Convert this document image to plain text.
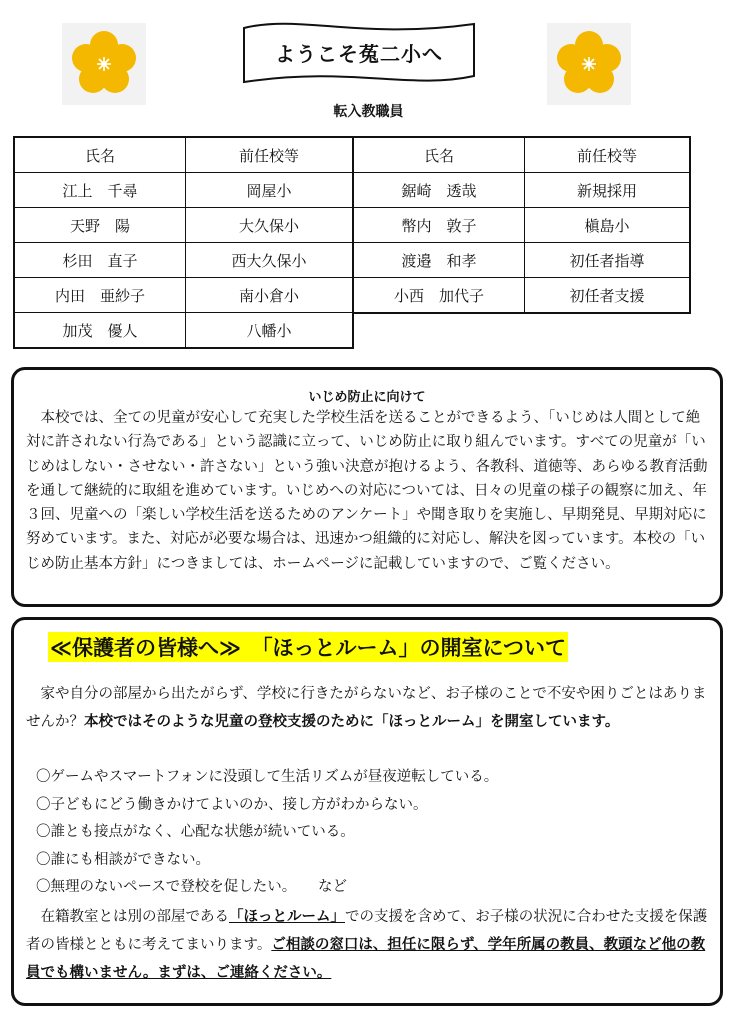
ようこそ菟二小へ
転入教職員
氏名	前任校等
江上　千尋	岡屋小
天野　陽	大久保小
杉田　直子	西大久保小
内田　亜紗子	南小倉小
加茂　優人	八幡小
氏名	前任校等
鋸崎　透哉	新規採用
幣内　敦子	槇島小
渡邉　和孝	初任者指導
小西　加代子	初任者支援
いじめ防止に向けて

本校では、全ての児童が安心して充実した学校生活を送ることができるよう、「いじめは人間として絶対に許されない行為である」という認識に立って、いじめ防止に取り組んでいます。すべての児童が「いじめはしない・させない・許さない」という強い決意が抱けるよう、各教科、道徳等、あらゆる教育活動を通して継続的に取組を進めています。いじめへの対応については、日々の児童の様子の観察に加え、年３回、児童への「楽しい学校生活を送るためのアンケート」や聞き取りを実施し、早期発見、早期対応に努めています。また、対応が必要な場合は、迅速かつ組織的に対応し、解決を図っています。本校の「いじめ防止基本方針」につきましては、ホームページに記載していますので、ご覧ください。

≪保護者の皆様へ≫　「ほっとルーム」の開室について

家や自分の部屋から出たがらず、学校に行きたがらないなど、お子様のことで不安や困りごとはありませんか？本校ではそのような児童の登校支援のために「ほっとルーム」を開室しています。

〇 ゲームやスマートフォンに没頭して生活リズムが昼夜逆転している。
〇 子どもにどう働きかけてよいのか、接し方がわからない。
〇 誰とも接点がなく、心配な状態が続いている。
〇 誰にも相談ができない。
〇 無理のないペースで登校を促したい。　　など

在籍教室とは別の部屋である「ほっとルーム」での支援を含めて、お子様の状況に合わせた支援を保護者の皆様とともに考えてまいります。ご相談の窓口は、担任に限らず、学年所属の教員、教頭など他の教員でも構いません。まずは、ご連絡ください。
